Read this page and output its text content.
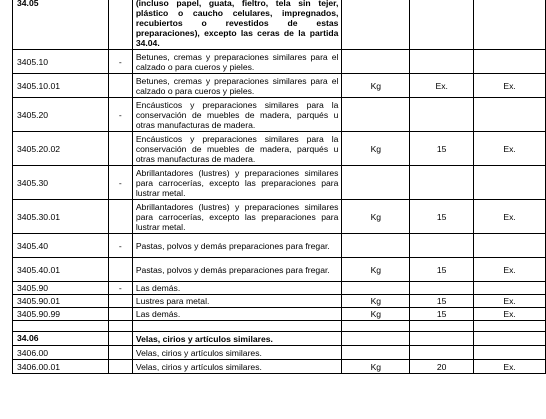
34.05		(incluso papel, guata, fieltro, tela sin tejer, plástico o caucho celulares, impregnados, recubiertos o revestidos de estas preparaciones), excepto las ceras de la partida 34.04.			
3405.10	-	Betunes, cremas y preparaciones similares para el calzado o para cueros y pieles.			
3405.10.01		Betunes, cremas y preparaciones similares para el calzado o para cueros y pieles.	Kg	Ex.	Ex.
3405.20	-	Encáusticos y preparaciones similares para la conservación de muebles de madera, parqués u otras manufacturas de madera.			
3405.20.02		Encáusticos y preparaciones similares para la conservación de muebles de madera, parqués u otras manufacturas de madera.	Kg	15	Ex.
3405.30	-	Abrillantadores (lustres) y preparaciones similares para carrocerías, excepto las preparaciones para lustrar metal.			
3405.30.01		Abrillantadores (lustres) y preparaciones similares para carrocerías, excepto las preparaciones para lustrar metal.	Kg	15	Ex.
3405.40	-	Pastas, polvos y demás preparaciones para fregar.			
3405.40.01		Pastas, polvos y demás preparaciones para fregar.	Kg	15	Ex.
3405.90	-	Las demás.			
3405.90.01		Lustres para metal.	Kg	15	Ex.
3405.90.99		Las demás.	Kg	15	Ex.

34.06		Velas, cirios y artículos similares.			
3406.00		Velas, cirios y artículos similares.			
3406.00.01		Velas, cirios y artículos similares.	Kg	20	Ex.
